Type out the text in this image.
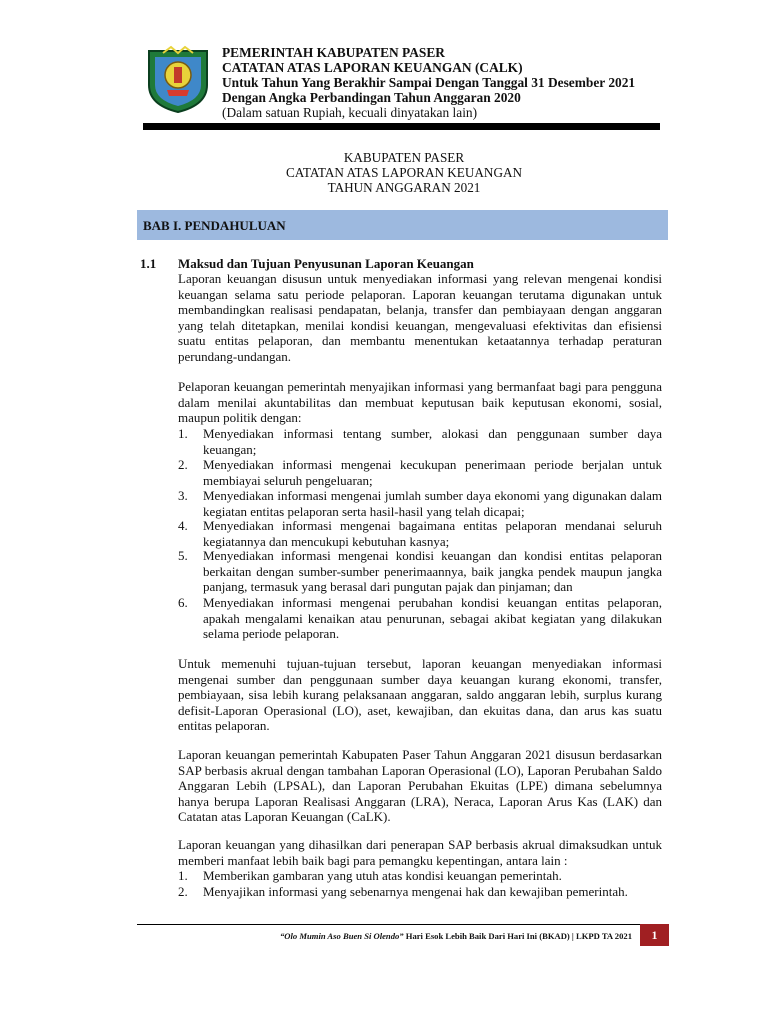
PEMERINTAH KABUPATEN PASER
CATATAN ATAS LAPORAN KEUANGAN (CALK)
Untuk Tahun Yang Berakhir Sampai Dengan Tanggal 31 Desember 2021
Dengan Angka Perbandingan Tahun Anggaran 2020
(Dalam satuan Rupiah, kecuali dinyatakan lain)
KABUPATEN PASER
CATATAN ATAS LAPORAN KEUANGAN
TAHUN ANGGARAN 2021
BAB I. PENDAHULUAN
1.1 Maksud dan Tujuan Penyusunan Laporan Keuangan
Laporan keuangan disusun untuk menyediakan informasi yang relevan mengenai kondisi keuangan selama satu periode pelaporan. Laporan keuangan terutama digunakan untuk membandingkan realisasi pendapatan, belanja, transfer dan pembiayaan dengan anggaran yang telah ditetapkan, menilai kondisi keuangan, mengevaluasi efektivitas dan efisiensi suatu entitas pelaporan, dan membantu menentukan ketaatannya terhadap peraturan perundang-undangan.
Pelaporan keuangan pemerintah menyajikan informasi yang bermanfaat bagi para pengguna dalam menilai akuntabilitas dan membuat keputusan baik keputusan ekonomi, sosial, maupun politik dengan:
1. Menyediakan informasi tentang sumber, alokasi dan penggunaan sumber daya keuangan;
2. Menyediakan informasi mengenai kecukupan penerimaan periode berjalan untuk membiayai seluruh pengeluaran;
3. Menyediakan informasi mengenai jumlah sumber daya ekonomi yang digunakan dalam kegiatan entitas pelaporan serta hasil-hasil yang telah dicapai;
4. Menyediakan informasi mengenai bagaimana entitas pelaporan mendanai seluruh kegiatannya dan mencukupi kebutuhan kasnya;
5. Menyediakan informasi mengenai kondisi keuangan dan kondisi entitas pelaporan berkaitan dengan sumber-sumber penerimaannya, baik jangka pendek maupun jangka panjang, termasuk yang berasal dari pungutan pajak dan pinjaman; dan
6. Menyediakan informasi mengenai perubahan kondisi keuangan entitas pelaporan, apakah mengalami kenaikan atau penurunan, sebagai akibat kegiatan yang dilakukan selama periode pelaporan.
Untuk memenuhi tujuan-tujuan tersebut, laporan keuangan menyediakan informasi mengenai sumber dan penggunaan sumber daya keuangan kurang ekonomi, transfer, pembiayaan, sisa lebih kurang pelaksanaan anggaran, saldo anggaran lebih, surplus kurang defisit-Laporan Operasional (LO), aset, kewajiban, dan ekuitas dana, dan arus kas suatu entitas pelaporan.
Laporan keuangan pemerintah Kabupaten Paser Tahun Anggaran 2021 disusun berdasarkan SAP berbasis akrual dengan tambahan Laporan Operasional (LO), Laporan Perubahan Saldo Anggaran Lebih (LPSAL), dan Laporan Perubahan Ekuitas (LPE) dimana sebelumnya hanya berupa Laporan Realisasi Anggaran (LRA), Neraca, Laporan Arus Kas (LAK) dan Catatan atas Laporan Keuangan (CaLK).
Laporan keuangan yang dihasilkan dari penerapan SAP berbasis akrual dimaksudkan untuk memberi manfaat lebih baik bagi para pemangku kepentingan, antara lain :
1. Memberikan gambaran yang utuh atas kondisi keuangan pemerintah.
2. Menyajikan informasi yang sebenarnya mengenai hak dan kewajiban pemerintah.
“Olo Mumin Aso Buen Si Olendo” Hari Esok Lebih Baik Dari Hari Ini (BKAD) | LKPD TA 2021	1
